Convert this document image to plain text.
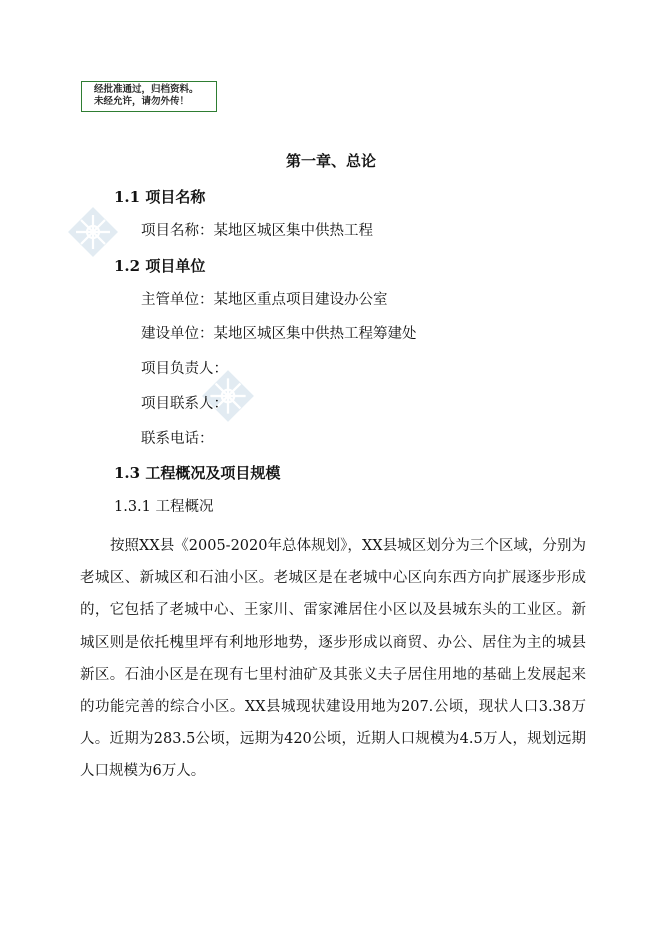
经批准通过，归档资料。
未经允许，请勿外传！
第一章、总论
1.1 项目名称
项目名称：某地区城区集中供热工程
1.2 项目单位
主管单位：某地区重点项目建设办公室
建设单位：某地区城区集中供热工程筹建处
项目负责人：
项目联系人：
联系电话：
1.3 工程概况及项目规模
1.3.1 工程概况
按照XX县《2005-2020年总体规划》，XX县城区划分为三个区域，分别为老城区、新城区和石油小区。老城区是在老城中心区向东西方向扩展逐步形成的，它包括了老城中心、王家川、雷家滩居住小区以及县城东头的工业区。新城区则是依托槐里坪有利地形地势，逐步形成以商贸、办公、居住为主的城县新区。石油小区是在现有七里村油矿及其张义夫子居住用地的基础上发展起来的功能完善的综合小区。XX县城现状建设用地为207.公顷，现状人口3.38万人。近期为283.5公顷，远期为420公顷，近期人口规模为4.5万人，规划远期人口规模为6万人。
